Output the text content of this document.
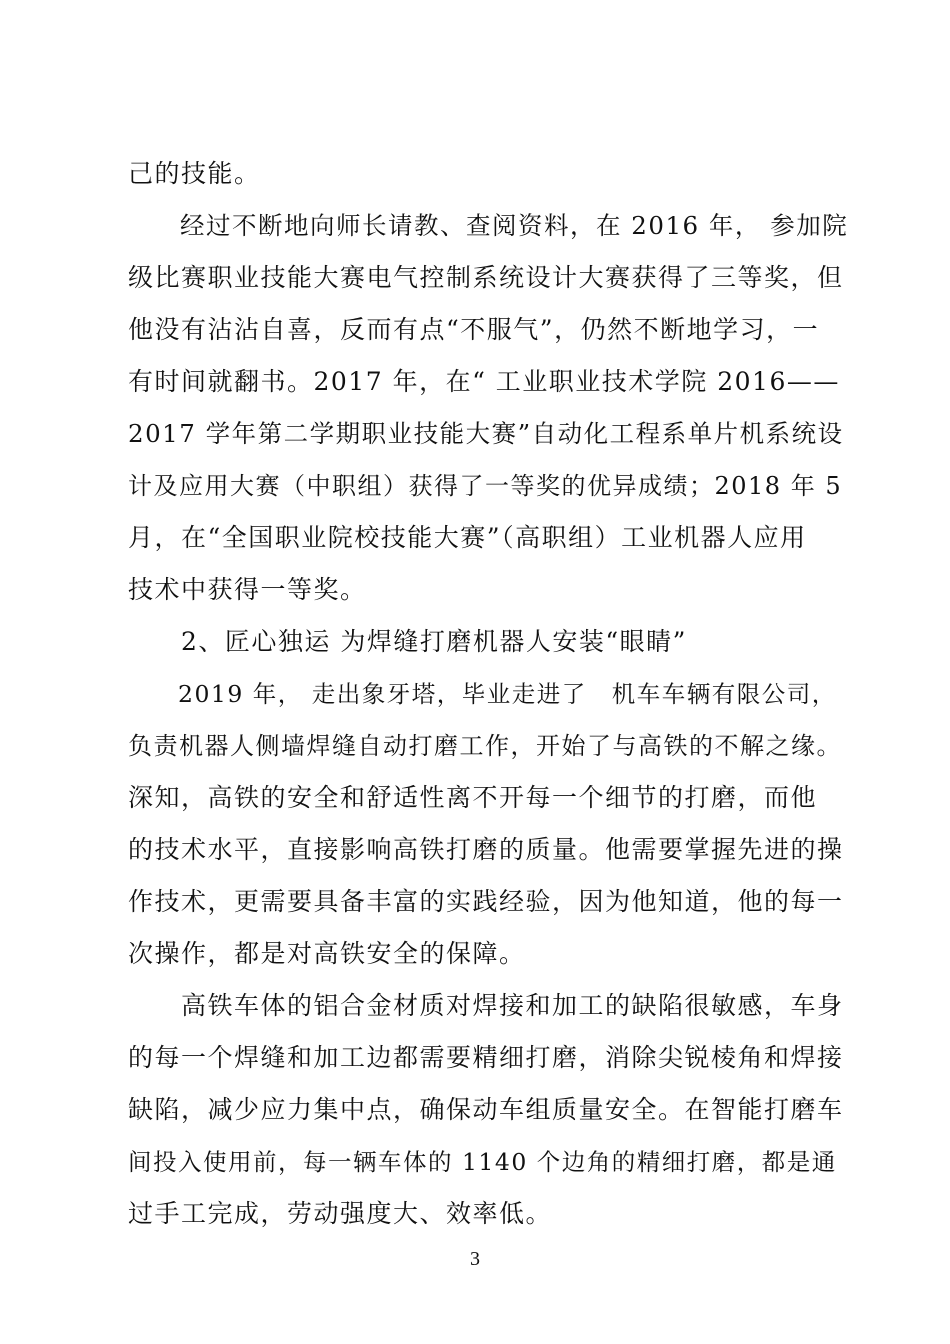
己的技能。
　　经过不断地向师长请教、查阅资料，在 2016 年， 参加院
级比赛职业技能大赛电气控制系统设计大赛获得了三等奖，但
他没有沾沾自喜，反而有点“不服气”，仍然不断地学习，一
有时间就翻书。2017 年，在“ 工业职业技术学院 2016——
2017 学年第二学期职业技能大赛”自动化工程系单片机系统设
计及应用大赛（中职组）获得了一等奖的优异成绩；2018 年 5
月，在“全国职业院校技能大赛”（高职组）工业机器人应用
技术中获得一等奖。
　　2、匠心独运 为焊缝打磨机器人安装“眼睛”
　　2019 年， 走出象牙塔，毕业走进了　机车车辆有限公司，
负责机器人侧墙焊缝自动打磨工作，开始了与高铁的不解之缘。
深知，高铁的安全和舒适性离不开每一个细节的打磨，而他
的技术水平，直接影响高铁打磨的质量。他需要掌握先进的操
作技术，更需要具备丰富的实践经验，因为他知道，他的每一
次操作，都是对高铁安全的保障。
　　高铁车体的铝合金材质对焊接和加工的缺陷很敏感，车身
的每一个焊缝和加工边都需要精细打磨，消除尖锐棱角和焊接
缺陷，减少应力集中点，确保动车组质量安全。在智能打磨车
间投入使用前，每一辆车体的 1140 个边角的精细打磨，都是通
过手工完成，劳动强度大、效率低。
3
